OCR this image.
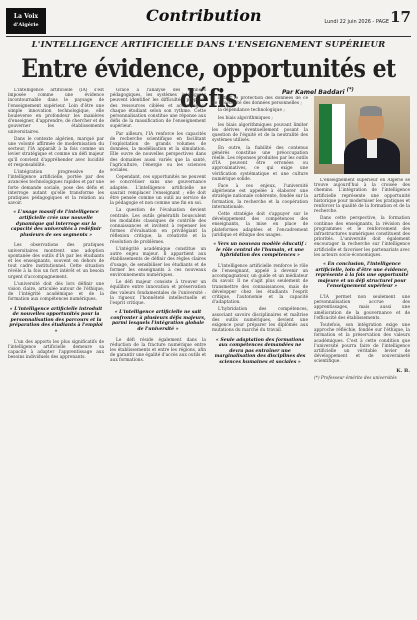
La Voix
d'Algérie	Contribution	Lundi 22 juin 2026 - PAGE 17
L'INTELLIGENCE ARTIFICIELLE DANS L'ENSEIGNEMENT SUPÉRIEUR
Entre évidence, opportunités et défis	Par Kamel Baddari (*)

L'intelligence artificielle (IA) s'est imposée comme une évidence incontournable dans le paysage de l'enseignement supérieur. Loin d'être une simple innovation technologique, elle bouleverse en profondeur les manières d'enseigner, d'apprendre, de chercher et de gouverner les établissements universitaires.

Dans le contexte algérien, marqué par une volonté affirmée de modernisation du secteur, l'IA apparaît à la fois comme un levier stratégique et comme un défi majeur qu'il convient d'appréhender avec lucidité et responsabilité.

L'intégration progressive de l'intelligence artificielle, portée par des avancées technologiques rapides et par une forte demande sociale, pose des défis et interroge autant qu'elle transforme les pratiques pédagogiques et la relation au savoir.

« L'usage massif de l'intelligence artificielle crée une nouvelle dynamique qui interroge sur la capacité des universités à redéfinir plusieurs de ses segments »

Les observations des pratiques universitaires montrent une adoption spontanée des outils d'IA par les étudiants et les enseignants, souvent en dehors de tout cadre institutionnel. Cette situation révèle à la fois un fort intérêt et un besoin urgent d'accompagnement.

L'université doit dès lors définir une vision claire, articulée autour de l'éthique, de l'intégrité académique et de la formation aux compétences numériques.

« L'intelligence artificielle introduit de nouvelles opportunités pour la personnalisation des parcours et la préparation des étudiants à l'emploi »

L'un des apports les plus significatifs de l'intelligence artificielle demeure sa capacité à adapter l'apprentissage aux besoins individuels des apprenants.

Grâce à l'analyse des données pédagogiques, les systèmes intelligents peuvent identifier les difficultés, proposer des ressources ciblées et accompagner chaque étudiant selon son rythme. Cette personnalisation constitue une réponse aux défis de la massification de l'enseignement supérieur.

Par ailleurs, l'IA renforce les capacités de recherche scientifique en facilitant l'exploitation de grands volumes de données, la modélisation et la simulation. Elle ouvre de nouvelles perspectives dans des domaines aussi variés que la santé, l'agriculture, l'énergie ou les sciences sociales.

Cependant, ces opportunités ne peuvent se concrétiser sans une gouvernance adaptée. L'intelligence artificielle ne saurait remplacer l'enseignant ; elle doit être pensée comme un outil au service de la pédagogie et non comme une fin en soi.

La question de l'évaluation devient centrale. Les outils génératifs bousculent les modalités classiques de contrôle des connaissances et invitent à repenser les formes d'évaluation en privilégiant la réflexion critique, la créativité et la résolution de problèmes.

L'intégrité académique constitue un autre enjeu majeur. Il appartient aux établissements de définir des règles claires d'usage, de sensibiliser les étudiants et de former les enseignants à ces nouveaux environnements numériques.

Le défi majeur consiste à trouver un équilibre entre innovation et préservation des valeurs fondamentales de l'université : la rigueur, l'honnêteté intellectuelle et l'esprit critique.

« L'intelligence artificielle ne sait confronter à plusieurs défis majeurs, parmi lesquels l'intégration globale de l'université »

Le défi réside également dans la réduction de la fracture numérique entre les établissements et entre les régions, afin de garantir une égalité d'accès aux outils et aux formations.

Il faut le protection des données de ce de la sécurité des données personnelles ;

la dépendance technologique ;

les biais algorithmiques ;

les biais algorithmiques pouvant limiter les dérives éventuellement posant la question de l'équité et de la neutralité des systèmes utilisés.

En outre, la fiabilité des contenus générés constitue une préoccupation réelle. Les réponses produites par les outils d'IA peuvent être erronées ou approximatives, ce qui exige une vérification systématique et une culture numérique solide.

Face à ces enjeux, l'université algérienne est appelée à élaborer une stratégie nationale cohérente, fondée sur la formation, la recherche et la coopération internationale.

Cette stratégie doit s'appuyer sur le développement des compétences des enseignants, la mise en place de plateformes adaptées et l'encadrement juridique et éthique des usages.

« Vers un nouveau modèle éducatif : le rôle central de l'humain, et une hybridation des compétences »

L'intelligence artificielle renforce le rôle de l'enseignant, appelé à devenir un accompagnateur, un guide et un médiateur du savoir. Il ne s'agit plus seulement de transmettre des connaissances, mais de développer chez les étudiants l'esprit critique, l'autonomie et la capacité d'adaptation.

L'hybridation des compétences, associant savoirs disciplinaires et maîtrise des outils numériques, devient une exigence pour préparer les diplômés aux mutations du marché du travail.

« Seule adaptation des formations aux compétences demandées ne devra pas entraîner une marginalisation des disciplines des sciences humaines et sociales »

L'enseignement supérieur en Algérie se trouve aujourd'hui à la croisée des chemins. L'intégration de l'intelligence artificielle représente une opportunité historique pour moderniser les pratiques et renforcer la qualité de la formation et de la recherche.

Dans cette perspective, la formation continue des enseignants, la révision des programmes et le renforcement des infrastructures numériques constituent des priorités. L'université doit également encourager la recherche sur l'intelligence artificielle et favoriser les partenariats avec les acteurs socio-économiques.

« En conclusion, l'intelligence artificielle, loin d'être une évidence, représente à la fois une opportunité majeure et un défi structurel pour l'enseignement supérieur »

L'IA permet non seulement une personnalisation accrue des apprentissages, mais aussi une amélioration de la gouvernance et de l'efficacité des établissements.

Toutefois, son intégration exige une approche réfléchie, fondée sur l'éthique, la formation et la préservation des valeurs académiques. C'est à cette condition que l'université pourra faire de l'intelligence artificielle un véritable levier de développement et de souveraineté scientifique.

K. B.
(*) Professeur émérite des universités
